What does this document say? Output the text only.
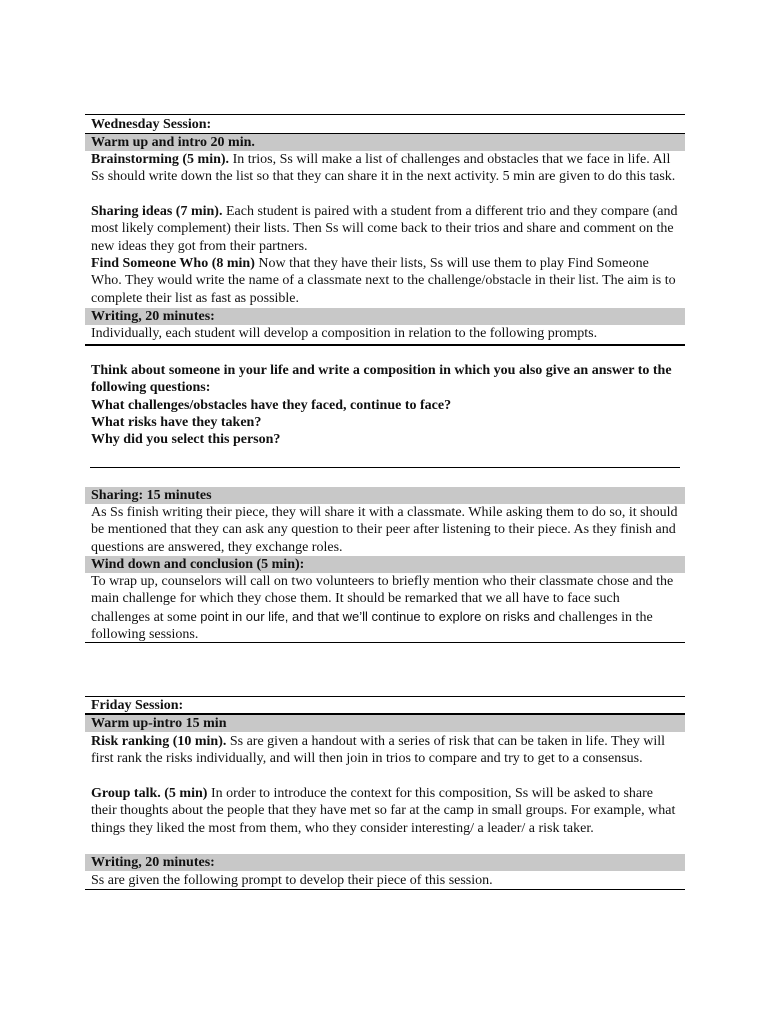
Wednesday Session:
Warm up and intro 20 min.
Brainstorming (5 min). In trios, Ss will make a list of challenges and obstacles that we face in life. All Ss should write down the list so that they can share it in the next activity. 5 min are given to do this task.
Sharing ideas (7 min). Each student is paired with a student from a different trio and they compare (and most likely complement) their lists. Then Ss will come back to their trios and share and comment on the new ideas they got from their partners.
Find Someone Who (8 min) Now that they have their lists, Ss will use them to play Find Someone Who. They would write the name of a classmate next to the challenge/obstacle in their list. The aim is to complete their list as fast as possible.
Writing, 20 minutes:
Individually, each student will develop a composition in relation to the following prompts.
Think about someone in your life and write a composition in which you also give an answer to the following questions:
What challenges/obstacles have they faced, continue to face?
What risks have they taken?
Why did you select this person?
Sharing: 15 minutes
As Ss finish writing their piece, they will share it with a classmate. While asking them to do so, it should be mentioned that they can ask any question to their peer after listening to their piece. As they finish and questions are answered, they exchange roles.
Wind down and conclusion (5 min):
To wrap up, counselors will call on two volunteers to briefly mention who their classmate chose and the main challenge for which they chose them. It should be remarked that we all have to face such challenges at some point in our life, and that we’ll continue to explore on risks and challenges in the following sessions.
Friday Session:
Warm up-intro 15 min
Risk ranking (10 min). Ss are given a handout with a series of risk that can be taken in life. They will first rank the risks individually, and will then join in trios to compare and try to get to a consensus.
Group talk. (5 min) In order to introduce the context for this composition, Ss will be asked to share their thoughts about the people that they have met so far at the camp in small groups. For example, what things they liked the most from them, who they consider interesting/ a leader/ a risk taker.
Writing, 20 minutes:
Ss are given the following prompt to develop their piece of this session.
